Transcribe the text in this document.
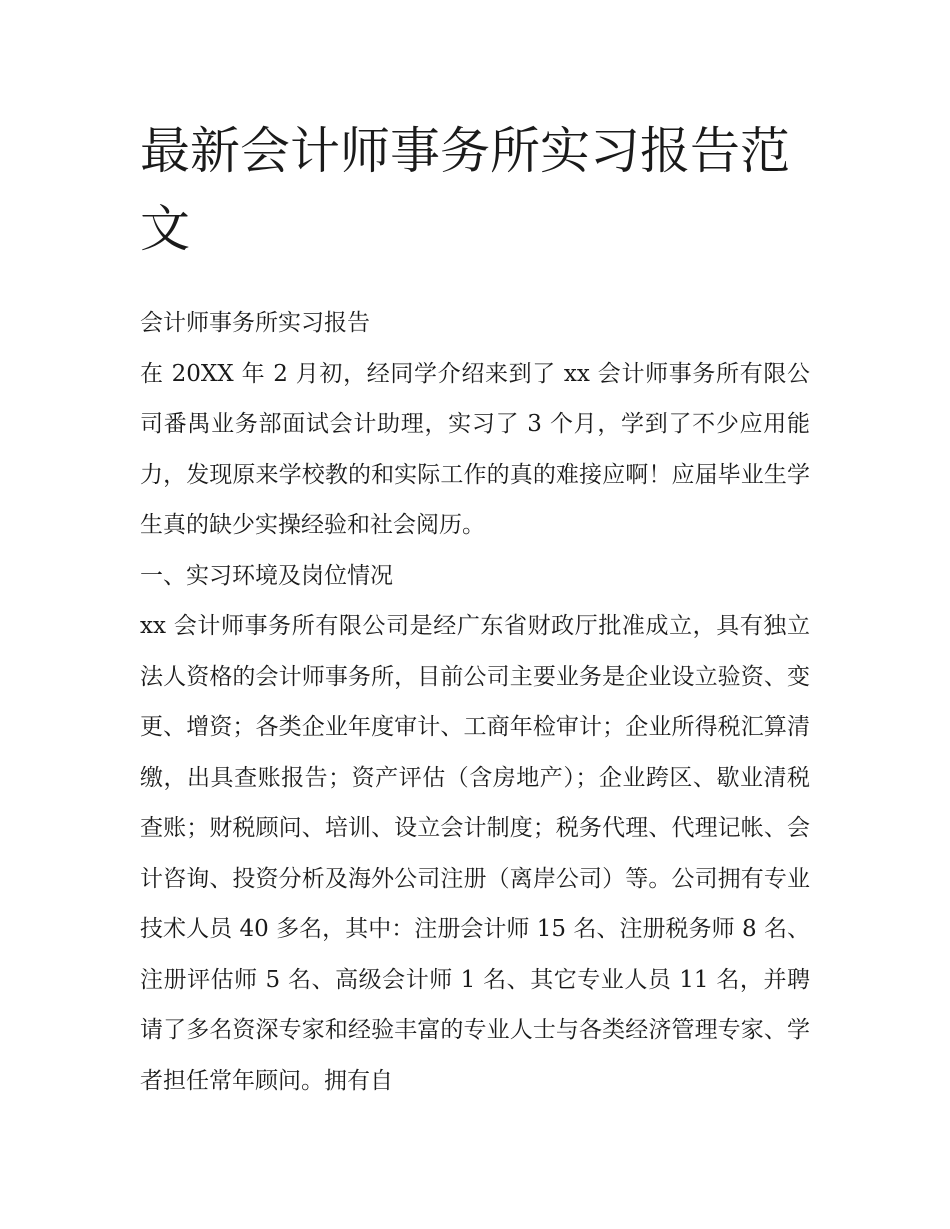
最新会计师事务所实习报告范文

会计师事务所实习报告

在 20XX 年 2 月初，经同学介绍来到了 xx 会计师事务所有限公司番禺业务部面试会计助理，实习了 3 个月，学到了不少应用能力，发现原来学校教的和实际工作的真的难接应啊！应届毕业生学生真的缺少实操经验和社会阅历。

一、实习环境及岗位情况

xx 会计师事务所有限公司是经广东省财政厅批准成立，具有独立法人资格的会计师事务所，目前公司主要业务是企业设立验资、变更、增资；各类企业年度审计、工商年检审计；企业所得税汇算清缴，出具查账报告；资产评估（含房地产）；企业跨区、歇业清税查账；财税顾问、培训、设立会计制度；税务代理、代理记帐、会计咨询、投资分析及海外公司注册（离岸公司）等。公司拥有专业技术人员 40 多名，其中：注册会计师 15 名、注册税务师 8 名、注册评估师 5 名、高级会计师 1 名、其它专业人员 11 名，并聘请了多名资深专家和经验丰富的专业人士与各类经济管理专家、学者担任常年顾问。拥有自
